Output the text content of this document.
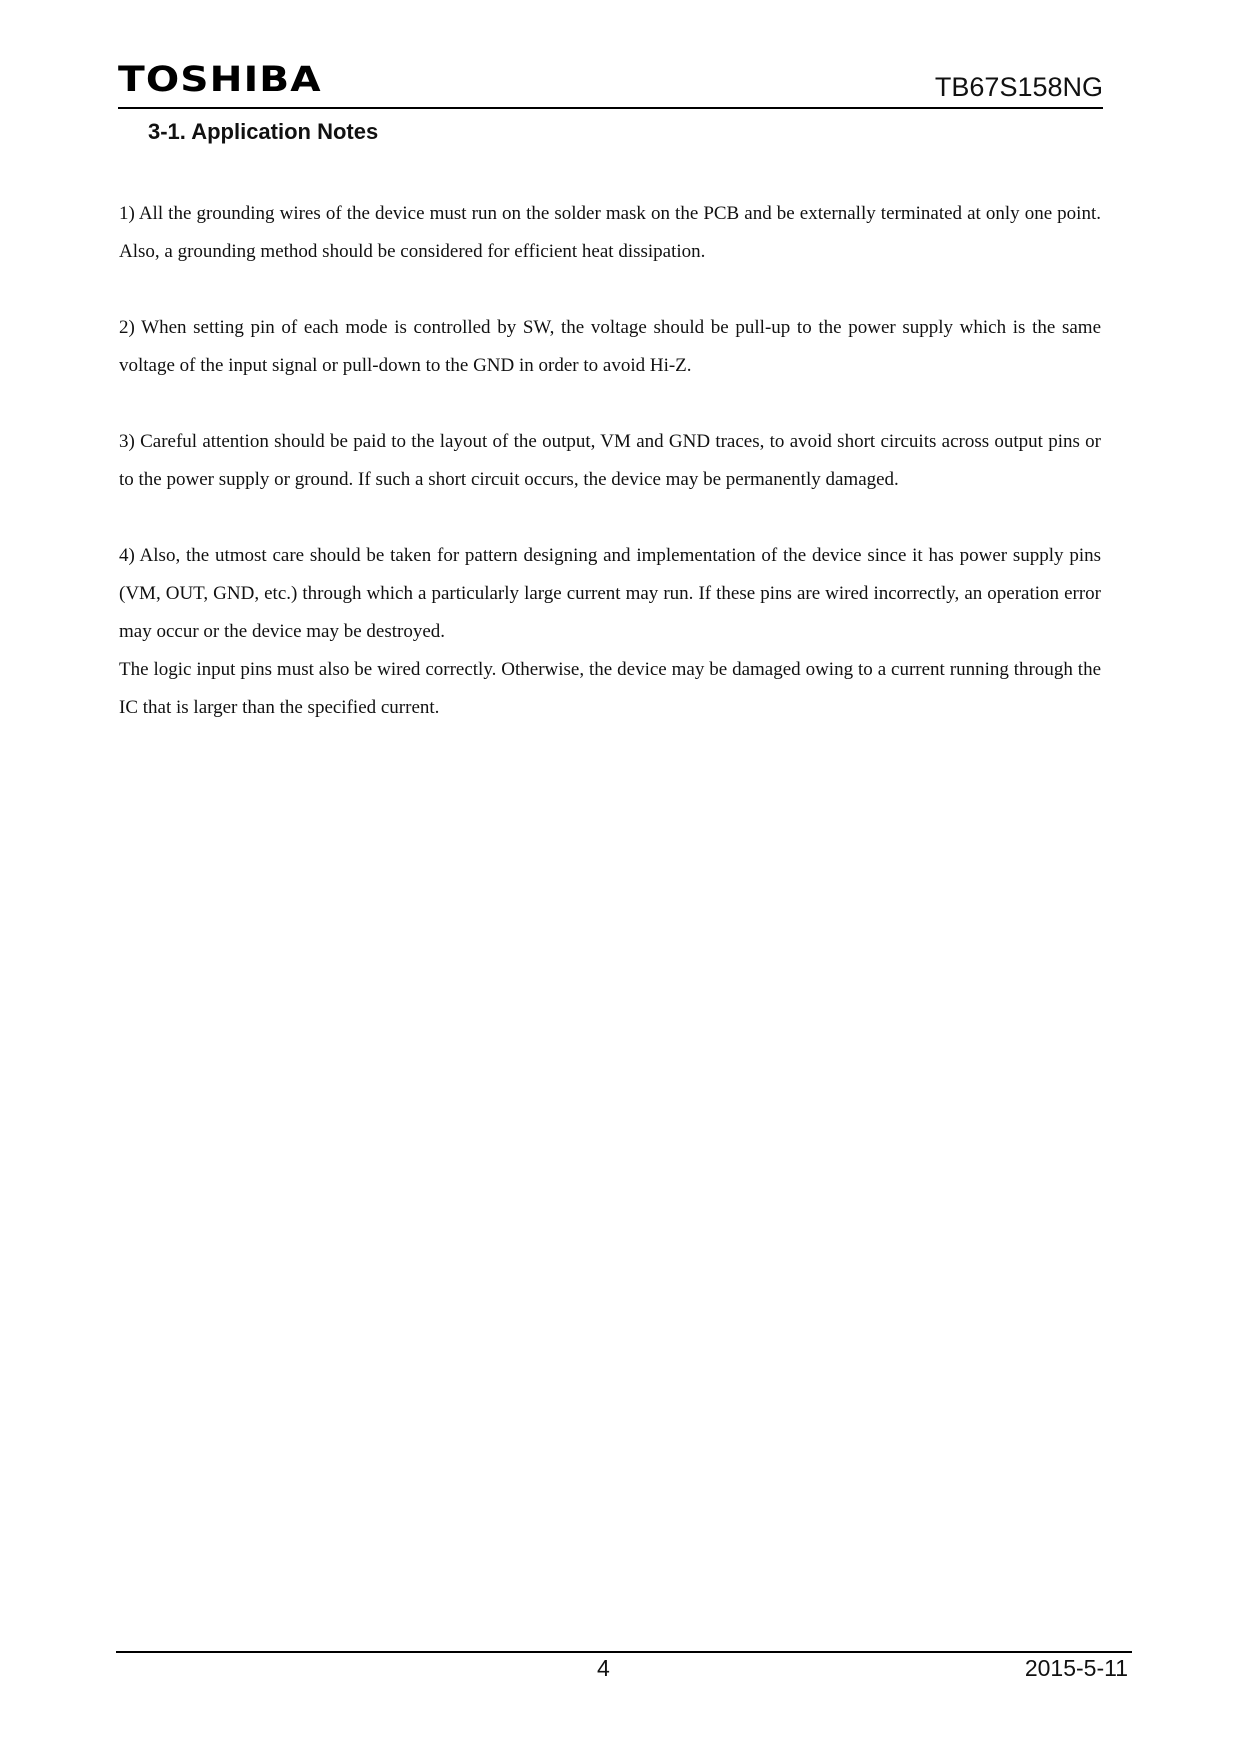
TOSHIBA	TB67S158NG
3-1. Application Notes

1) All the grounding wires of the device must run on the solder mask on the PCB and be externally terminated at only one point. Also, a grounding method should be considered for efficient heat dissipation.

2) When setting pin of each mode is controlled by SW, the voltage should be pull-up to the power supply which is the same voltage of the input signal or pull-down to the GND in order to avoid Hi-Z.

3) Careful attention should be paid to the layout of the output, VM and GND traces, to avoid short circuits across output pins or to the power supply or ground. If such a short circuit occurs, the device may be permanently damaged.

4) Also, the utmost care should be taken for pattern designing and implementation of the device since it has power supply pins (VM, OUT, GND, etc.) through which a particularly large current may run. If these pins are wired incorrectly, an operation error may occur or the device may be destroyed.

The logic input pins must also be wired correctly. Otherwise, the device may be damaged owing to a current running through the IC that is larger than the specified current.

4	2015-5-11
